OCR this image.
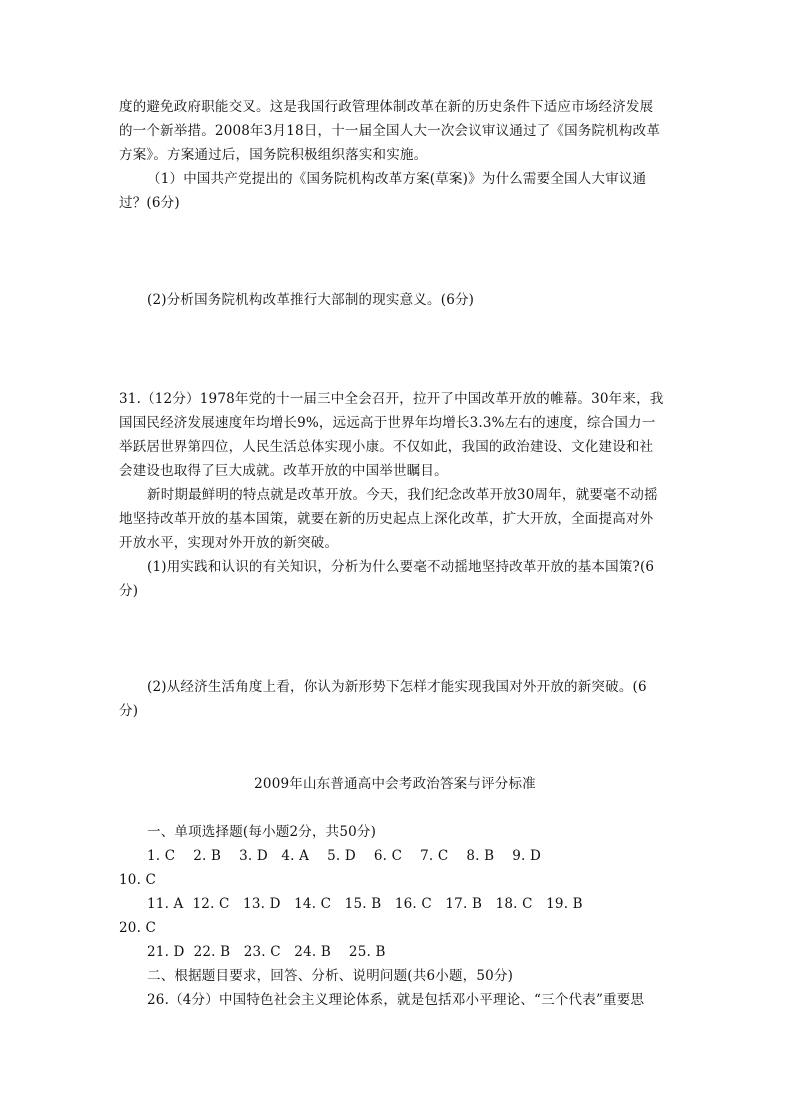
度的避免政府职能交叉。这是我国行政管理体制改革在新的历史条件下适应市场经济发展
的一个新举措。2008年3月18日，十一届全国人大一次会议审议通过了《国务院机构改革
方案》。方案通过后，国务院积极组织落实和实施。
（1）中国共产党提出的《国务院机构改革方案(草案)》为什么需要全国人大审议通
过？(6分)
(2)分析国务院机构改革推行大部制的现实意义。(6分)
31.（12分）1978年党的十一届三中全会召开，拉开了中国改革开放的帷幕。30年来，我
国国民经济发展速度年均增长9%，远远高于世界年均增长3.3%左右的速度，综合国力一
举跃居世界第四位，人民生活总体实现小康。不仅如此，我国的政治建设、文化建设和社
会建设也取得了巨大成就。改革开放的中国举世瞩目。
新时期最鲜明的特点就是改革开放。今天，我们纪念改革开放30周年，就要毫不动摇
地坚持改革开放的基本国策，就要在新的历史起点上深化改革，扩大开放，全面提高对外
开放水平，实现对外开放的新突破。
(1)用实践和认识的有关知识，分析为什么要毫不动摇地坚持改革开放的基本国策?(6
分)
(2)从经济生活角度上看，你认为新形势下怎样才能实现我国对外开放的新突破。(6
分)
2009年山东普通高中会考政治答案与评分标准
一、单项选择题(每小题2分，共50分)
1. C    2. B    3. D   4. A    5. D    6. C    7. C    8. B    9. D
10. C
11. A  12. C   13. D   14. C   15. B   16. C   17. B   18. C   19. B
20. C
21. D  22. B   23. C   24. B    25. B
二、根据题目要求，回答、分析、说明问题(共6小题，50分)
26.（4分）中国特色社会主义理论体系，就是包括邓小平理论、“三个代表”重要思
